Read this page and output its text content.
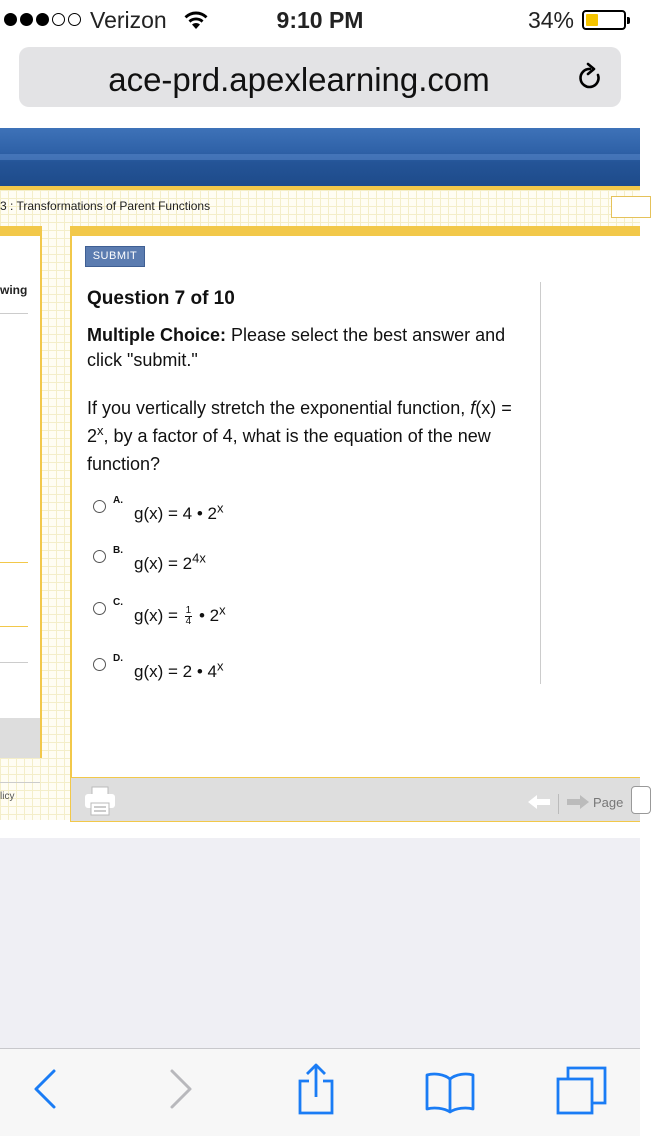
Verizon	9:10 PM	34%
ace-prd.apexlearning.com
3 : Transformations of Parent Functions
wing
licy
SUBMIT
Question 7 of 10
Multiple Choice: Please select the best answer and click "submit."
If you vertically stretch the exponential function, $f(x) = 2^x$, by a factor of 4, what is the equation of the new function?
A.
g(x) = 4 • 2$^x$
B.
$g(x) = 2^{4x}$
C.
$g(x) = \frac{1}{4}$ • 2$^x$
D.
g(x) = 2 • 4$^x$
Page
